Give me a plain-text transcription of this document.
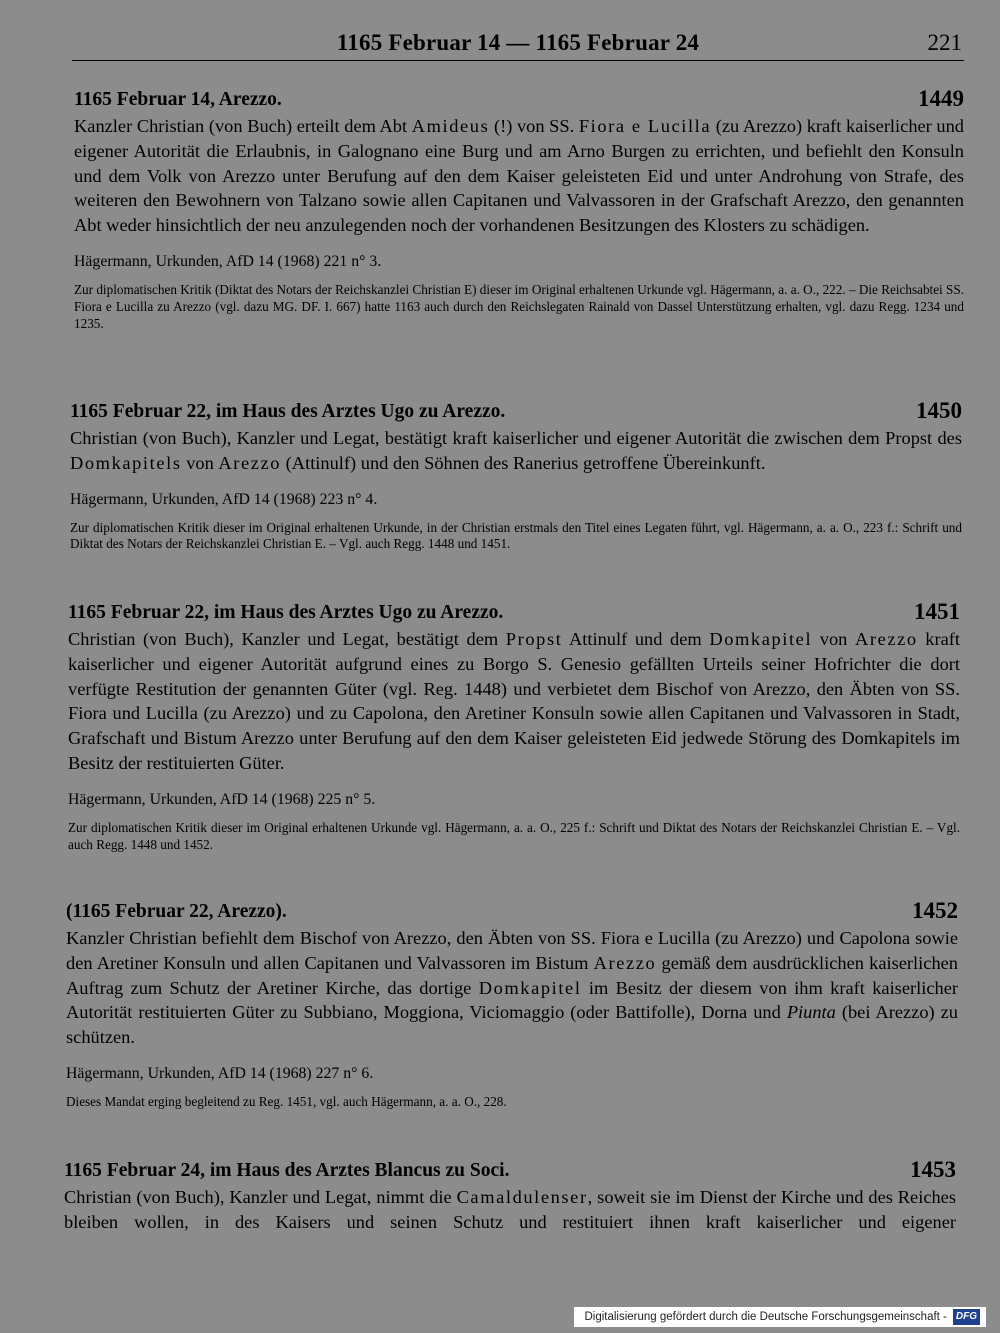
1165 Februar 14 — 1165 Februar 24	221
1165 Februar 14, Arezzo.	1449

Kanzler Christian (von Buch) erteilt dem Abt Amideus (!) von SS. Fiora e Lucilla (zu Arezzo) kraft kaiserlicher und eigener Autorität die Erlaubnis, in Galognano eine Burg und am Arno Burgen zu errichten, und befiehlt den Konsuln und dem Volk von Arezzo unter Berufung auf den dem Kaiser geleisteten Eid und unter Androhung von Strafe, des weiteren den Bewohnern von Talzano sowie allen Capitanen und Valvassoren in der Grafschaft Arezzo, den genannten Abt weder hinsichtlich der neu anzulegenden noch der vorhandenen Besitzungen des Klosters zu schädigen.

Hägermann, Urkunden, AfD 14 (1968) 221 n° 3.

Zur diplomatischen Kritik (Diktat des Notars der Reichskanzlei Christian E) dieser im Original erhaltenen Urkunde vgl. Hägermann, a. a. O., 222. – Die Reichsabtei SS. Fiora e Lucilla zu Arezzo (vgl. dazu MG. DF. I. 667) hatte 1163 auch durch den Reichslegaten Rainald von Dassel Unterstützung erhalten, vgl. dazu Regg. 1234 und 1235.

1165 Februar 22, im Haus des Arztes Ugo zu Arezzo.	1450

Christian (von Buch), Kanzler und Legat, bestätigt kraft kaiserlicher und eigener Autorität die zwischen dem Propst des Domkapitels von Arezzo (Attinulf) und den Söhnen des Ranerius getroffene Übereinkunft.

Hägermann, Urkunden, AfD 14 (1968) 223 n° 4.

Zur diplomatischen Kritik dieser im Original erhaltenen Urkunde, in der Christian erstmals den Titel eines Legaten führt, vgl. Hägermann, a. a. O., 223 f.: Schrift und Diktat des Notars der Reichskanzlei Christian E. – Vgl. auch Regg. 1448 und 1451.

1165 Februar 22, im Haus des Arztes Ugo zu Arezzo.	1451

Christian (von Buch), Kanzler und Legat, bestätigt dem Propst Attinulf und dem Domkapitel von Arezzo kraft kaiserlicher und eigener Autorität aufgrund eines zu Borgo S. Genesio gefällten Urteils seiner Hofrichter die dort verfügte Restitution der genannten Güter (vgl. Reg. 1448) und verbietet dem Bischof von Arezzo, den Äbten von SS. Fiora und Lucilla (zu Arezzo) und zu Capolona, den Aretiner Konsuln sowie allen Capitanen und Valvassoren in Stadt, Grafschaft und Bistum Arezzo unter Berufung auf den dem Kaiser geleisteten Eid jedwede Störung des Domkapitels im Besitz der restituierten Güter.

Hägermann, Urkunden, AfD 14 (1968) 225 n° 5.

Zur diplomatischen Kritik dieser im Original erhaltenen Urkunde vgl. Hägermann, a. a. O., 225 f.: Schrift und Diktat des Notars der Reichskanzlei Christian E. – Vgl. auch Regg. 1448 und 1452.

(1165 Februar 22, Arezzo).	1452

Kanzler Christian befiehlt dem Bischof von Arezzo, den Äbten von SS. Fiora e Lucilla (zu Arezzo) und Capolona sowie den Aretiner Konsuln und allen Capitanen und Valvassoren im Bistum Arezzo gemäß dem ausdrücklichen kaiserlichen Auftrag zum Schutz der Aretiner Kirche, das dortige Domkapitel im Besitz der diesem von ihm kraft kaiserlicher Autorität restituierten Güter zu Subbiano, Moggiona, Viciomaggio (oder Battifolle), Dorna und Piunta (bei Arezzo) zu schützen.

Hägermann, Urkunden, AfD 14 (1968) 227 n° 6.

Dieses Mandat erging begleitend zu Reg. 1451, vgl. auch Hägermann, a. a. O., 228.

1165 Februar 24, im Haus des Arztes Blancus zu Soci.	1453

Christian (von Buch), Kanzler und Legat, nimmt die Camaldulenser, soweit sie im Dienst der Kirche und des Reiches bleiben wollen, in des Kaisers und seinen Schutz und restituiert ihnen kraft kaiserlicher und eigener

Digitalisierung gefördert durch die Deutsche Forschungsgemeinschaft - DFG
